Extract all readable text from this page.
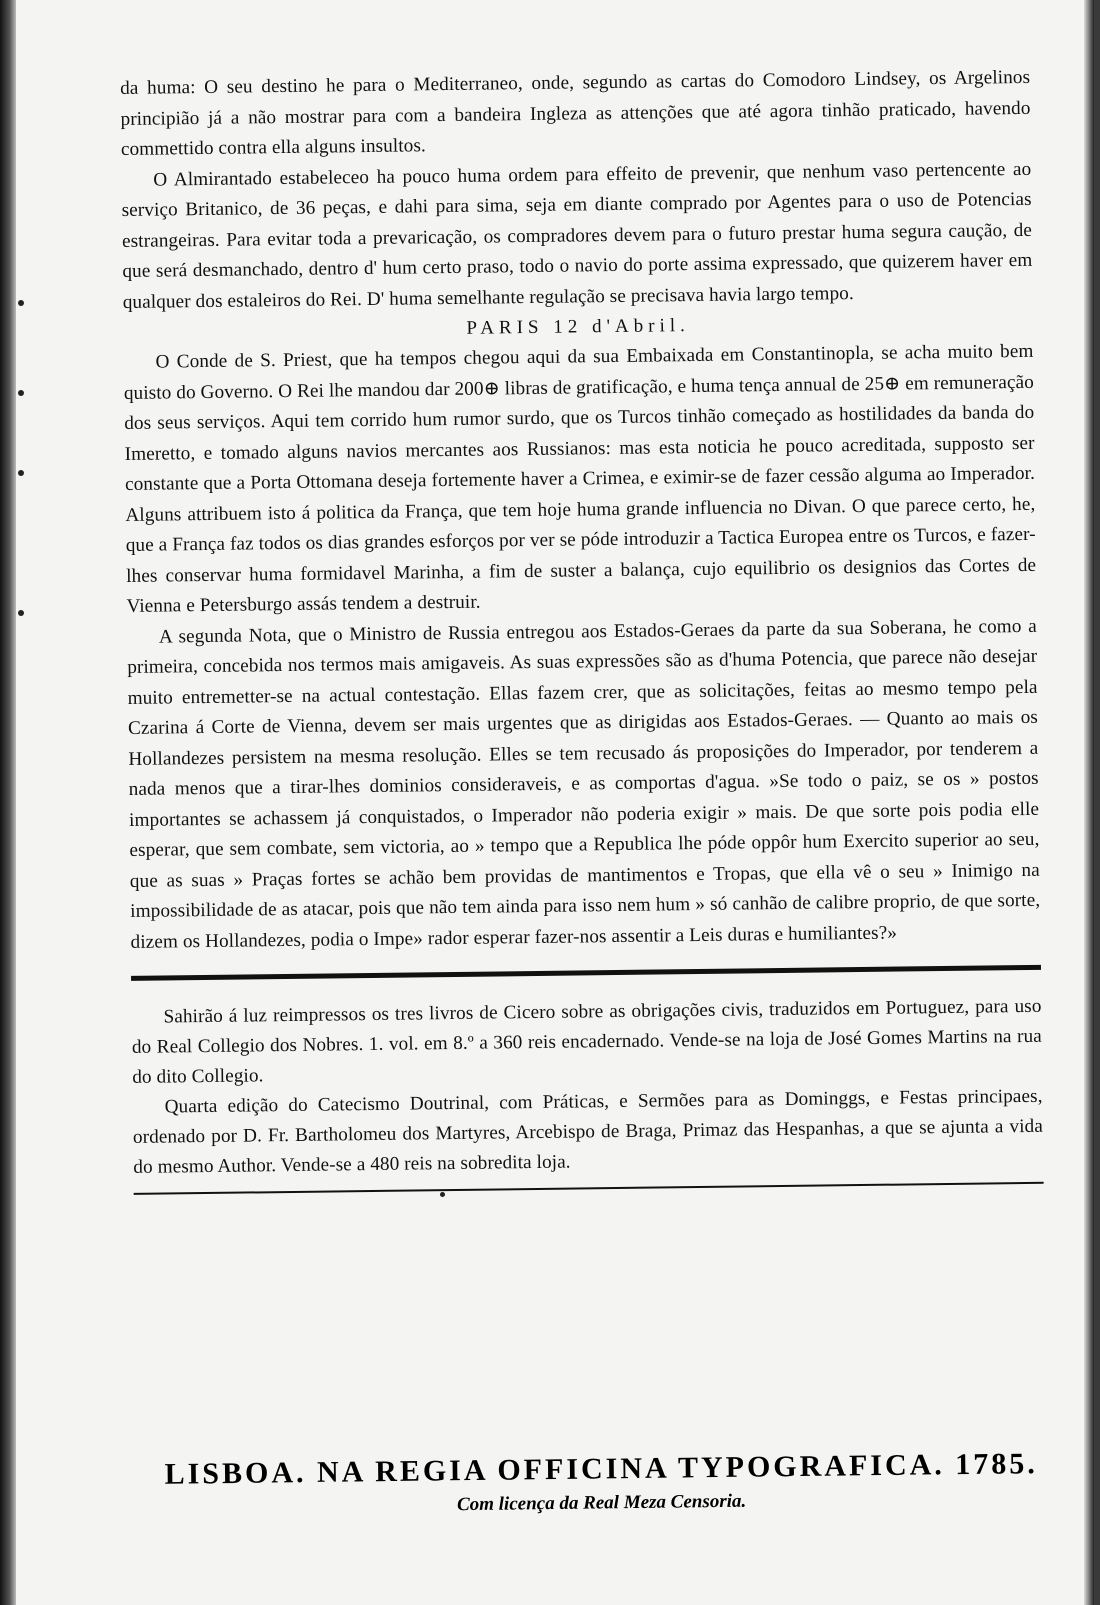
da huma: O seu destino he para o Mediterraneo, onde, segundo as cartas do Comodoro Lindsey, os Argelinos principião já a não mostrar para com a bandeira Ingleza as attenções que até agora tinhão praticado, havendo commettido contra ella alguns insultos.

O Almirantado estabeleceo ha pouco huma ordem para effeito de prevenir, que nenhum vaso pertencente ao serviço Britanico, de 36 peças, e dahi para sima, seja em diante comprado por Agentes para o uso de Potencias estrangeiras. Para evitar toda a prevaricação, os compradores devem para o futuro prestar huma segura caução, de que será desmanchado, dentro d' hum certo praso, todo o navio do porte assima expressado, que quizerem haver em qualquer dos estaleiros do Rei. D' huma semelhante regulação se precisava havia largo tempo.

PARIS 12 d'Abril.

O Conde de S. Priest, que ha tempos chegou aqui da sua Embaixada em Constantinopla, se acha muito bem quisto do Governo. O Rei lhe mandou dar 200⊕ libras de gratificação, e huma tença annual de 25⊕ em remuneração dos seus serviços. Aqui tem corrido hum rumor surdo, que os Turcos tinhão começado as hostilidades da banda do Imeretto, e tomado alguns navios mercantes aos Russianos: mas esta noticia he pouco acreditada, supposto ser constante que a Porta Ottomana deseja fortemente haver a Crimea, e eximir-se de fazer cessão alguma ao Imperador. Alguns attribuem isto á politica da França, que tem hoje huma grande influencia no Divan. O que parece certo, he, que a França faz todos os dias grandes esforços por ver se póde introduzir a Tactica Europea entre os Turcos, e fazer-lhes conservar huma formidavel Marinha, a fim de suster a balança, cujo equilibrio os designios das Cortes de Vienna e Petersburgo assás tendem a destruir.

A segunda Nota, que o Ministro de Russia entregou aos Estados-Geraes da parte da sua Soberana, he como a primeira, concebida nos termos mais amigaveis. As suas expressões são as d'huma Potencia, que parece não desejar muito entremetter-se na actual contestação. Ellas fazem crer, que as solicitações, feitas ao mesmo tempo pela Czarina á Corte de Vienna, devem ser mais urgentes que as dirigidas aos Estados-Geraes. — Quanto ao mais os Hollandezes persistem na mesma resolução. Elles se tem recusado ás proposições do Imperador, por tenderem a nada menos que a tirar-lhes dominios consideraveis, e as comportas d'agua. »Se todo o paiz, se os » postos importantes se achassem já conquistados, o Imperador não poderia exigir » mais. De que sorte pois podia elle esperar, que sem combate, sem victoria, ao » tempo que a Republica lhe póde oppôr hum Exercito superior ao seu, que as suas » Praças fortes se achão bem providas de mantimentos e Tropas, que ella vê o seu » Inimigo na impossibilidade de as atacar, pois que não tem ainda para isso nem hum » só canhão de calibre proprio, de que sorte, dizem os Hollandezes, podia o Impe» rador esperar fazer-nos assentir a Leis duras e humiliantes?»

Sahirão á luz reimpressos os tres livros de Cicero sobre as obrigações civis, traduzidos em Portuguez, para uso do Real Collegio dos Nobres. 1. vol. em 8.º a 360 reis encadernado. Vende-se na loja de José Gomes Martins na rua do dito Collegio.

Quarta edição do Catecismo Doutrinal, com Práticas, e Sermões para as Dominggs, e Festas principaes, ordenado por D. Fr. Bartholomeu dos Martyres, Arcebispo de Braga, Primaz das Hespanhas, a que se ajunta a vida do mesmo Author. Vende-se a 480 reis na sobredita loja.

LISBOA. NA REGIA OFFICINA TYPOGRAFICA. 1785.

Com licença da Real Meza Censoria.
